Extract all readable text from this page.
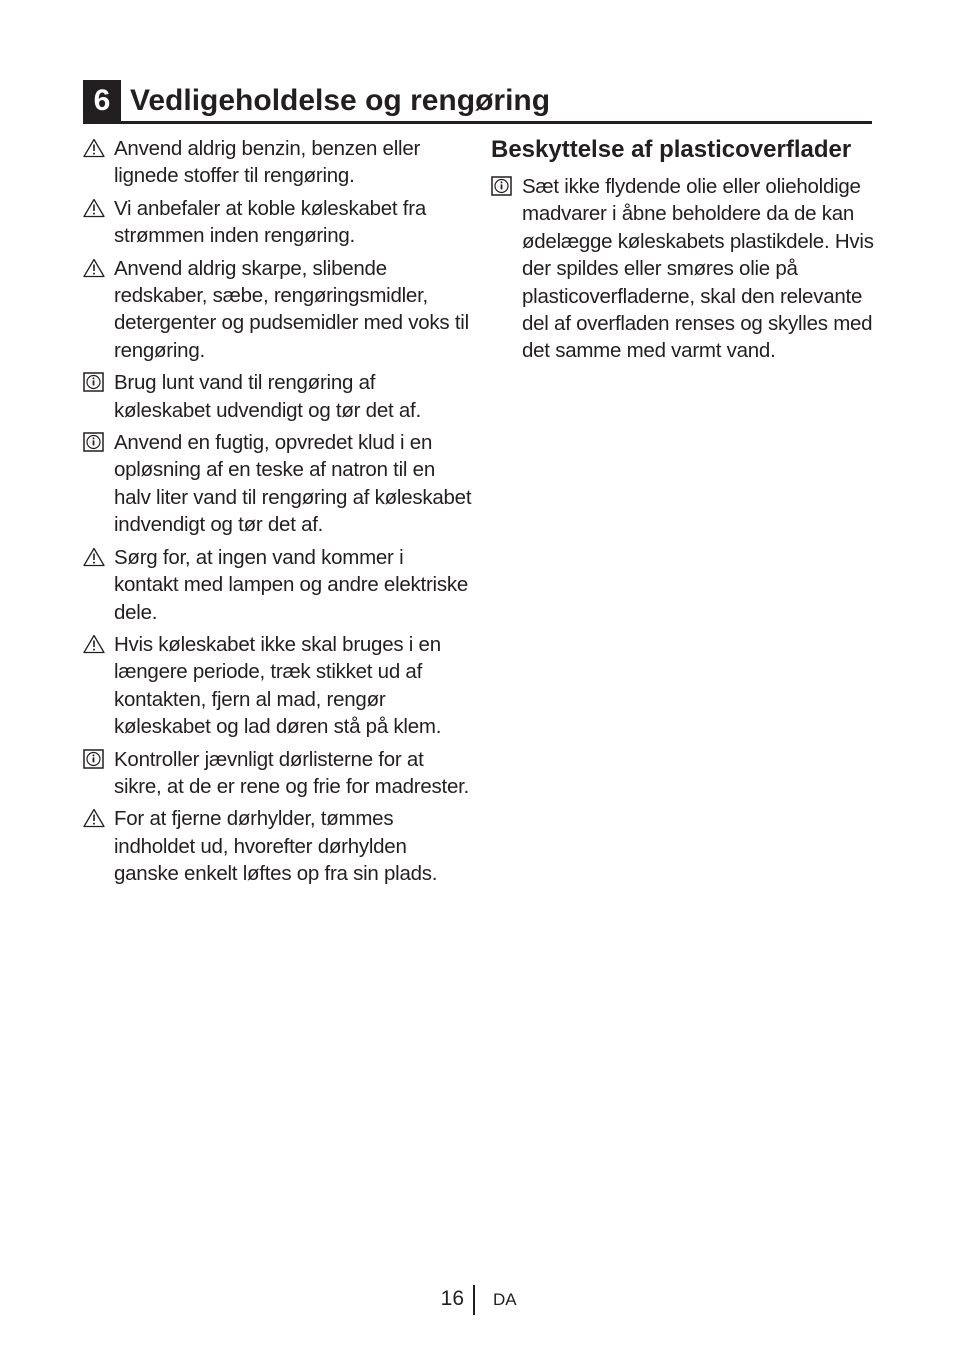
6 Vedligeholdelse og rengøring
Anvend aldrig benzin, benzen eller lignede stoffer til rengøring.
Vi anbefaler at koble køleskabet fra strømmen inden rengøring.
Anvend aldrig skarpe, slibende redskaber, sæbe, rengøringsmidler, detergenter og pudsemidler med voks til rengøring.
Brug lunt vand til rengøring af køleskabet udvendigt og tør det af.
Anvend en fugtig, opvredet klud i en opløsning af en teske af natron til en halv liter vand til rengøring af køleskabet indvendigt og tør det af.
Sørg for, at ingen vand kommer i kontakt med lampen og andre elektriske dele.
Hvis køleskabet ikke skal bruges i en længere periode, træk stikket ud af kontakten, fjern al mad, rengør køleskabet og lad døren stå på klem.
Kontroller jævnligt dørlisterne for at sikre, at de er rene og frie for madrester.
For at fjerne dørhylder, tømmes indholdet ud, hvorefter dørhylden ganske enkelt løftes op fra sin plads.
Beskyttelse af plasticoverflader
Sæt ikke flydende olie eller olieholdige madvarer i åbne beholdere da de kan ødelægge køleskabets plastikdele. Hvis der spildes eller smøres olie på plasticoverfladerne, skal den relevante del af overfladen renses og skylles med det samme med varmt vand.
16 DA
